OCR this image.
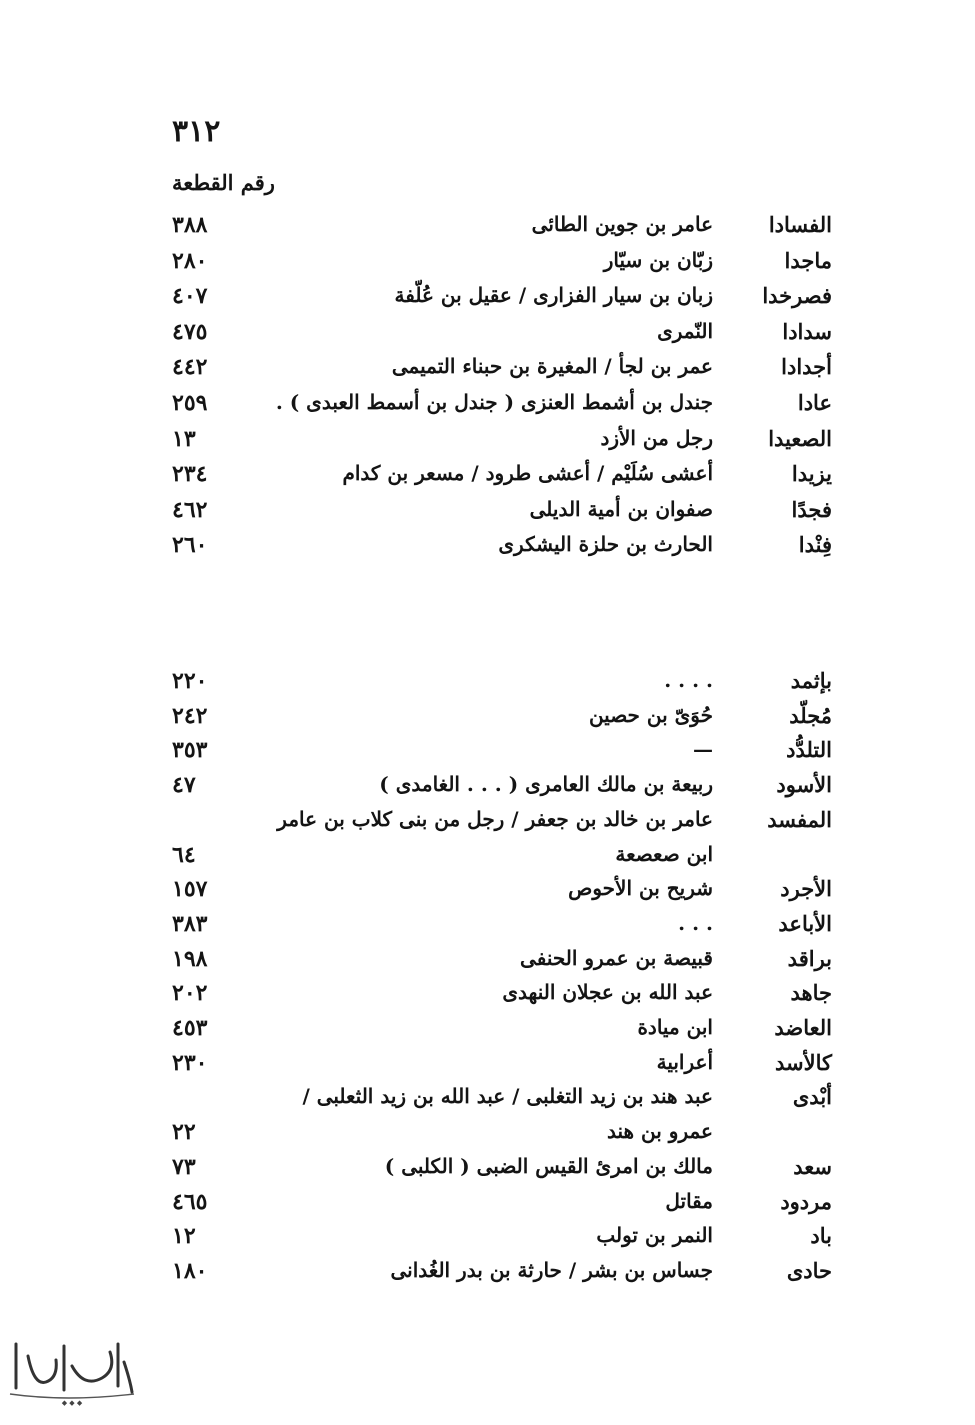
٣١٢
رقم القطعة
الفسادا
عامر بن جوين الطائى
٣٨٨
ماجدا
زبّان بن سيّار
٢٨٠
فصرخدا
زبان بن سيار الفزارى / عقيل بن عُلّفة
٤٠٧
سدادا
النّمرى
٤٧٥
أجدادا
عمر بن لجأ / المغيرة بن حبناء التميمى
٤٤٢
عادا
جندل بن أشمط العنزى ( جندل بن أسمط العبدى ) .
٢٥٩
الصعيدا
رجل من الأزد
١٣
يزيدا
أعشى سُلَيْم / أعشى طرود / مسعر بن كدام
٢٣٤
فجدًا
صفوان بن أمية الديلى
٤٦٢
فِنْدا
الحارث بن حلزة اليشكرى
٢٦٠
بإثمد
. . . .
٢٢٠
مُجلّد
حُوَىّ بن حصين
٢٤٢
التلدُّد
—
٣٥٣
الأسود
ربيعة بن مالك العامرى ( . . . الغامدى )
٤٧
المفسد
عامر بن خالد بن جعفر / رجل من بنى كلاب بن عامر
ابن صعصعة
٦٤
الأجرد
شريح بن الأحوص
١٥٧
الأباعد
. . .
٣٨٣
براقد
قبيصة بن عمرو الحنفى
١٩٨
جاهد
عبد الله بن عجلان النهدى
٢٠٢
العاضد
ابن ميادة
٤٥٣
كالأسد
أعرابية
٢٣٠
أبْدى
عبد هند بن زيد التغلبى / عبد الله بن زيد الثعلبى /
عمرو بن هند
٢٢
سعد
مالك بن امرئ القيس الضبى ( الكلبى )
٧٣
مردود
مقاتل
٤٦٥
باد
النمر بن تولب
١٢
حادى
جساس بن بشر / حارثة بن بدر الغُدانى
١٨٠
◆ ◆ ◆
